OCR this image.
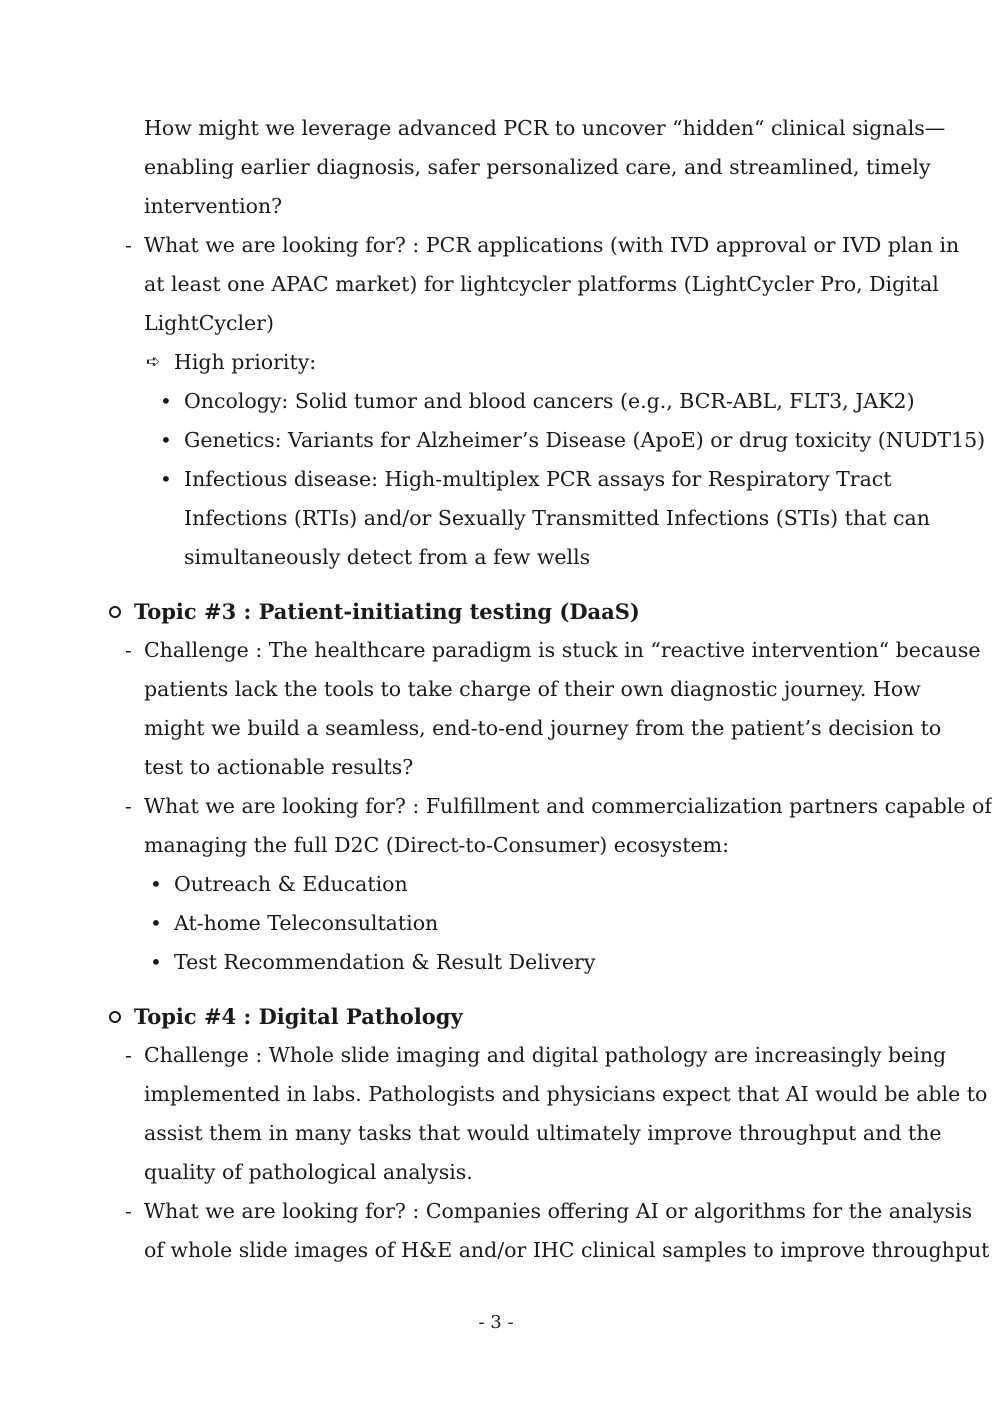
How might we leverage advanced PCR to uncover “hidden“ clinical signals—
enabling earlier diagnosis, safer personalized care, and streamlined, timely
intervention?
- What we are looking for? : PCR applications (with IVD approval or IVD plan in
at least one APAC market) for lightcycler platforms (LightCycler Pro, Digital
LightCycler)
➪ High priority:
• Oncology: Solid tumor and blood cancers (e.g., BCR-ABL, FLT3, JAK2)
• Genetics: Variants for Alzheimer’s Disease (ApoE) or drug toxicity (NUDT15)
• Infectious disease: High-multiplex PCR assays for Respiratory Tract
Infections (RTIs) and/or Sexually Transmitted Infections (STIs) that can
simultaneously detect from a few wells
Topic #3 : Patient-initiating testing (DaaS)
- Challenge : The healthcare paradigm is stuck in “reactive intervention“ because
patients lack the tools to take charge of their own diagnostic journey. How
might we build a seamless, end-to-end journey from the patient’s decision to
test to actionable results?
- What we are looking for? : Fulfillment and commercialization partners capable of
managing the full D2C (Direct-to-Consumer) ecosystem:
• Outreach & Education
• At-home Teleconsultation
• Test Recommendation & Result Delivery
Topic #4 : Digital Pathology
- Challenge : Whole slide imaging and digital pathology are increasingly being
implemented in labs. Pathologists and physicians expect that AI would be able to
assist them in many tasks that would ultimately improve throughput and the
quality of pathological analysis.
- What we are looking for? : Companies offering AI or algorithms for the analysis
of whole slide images of H&E and/or IHC clinical samples to improve throughput
- 3 -
